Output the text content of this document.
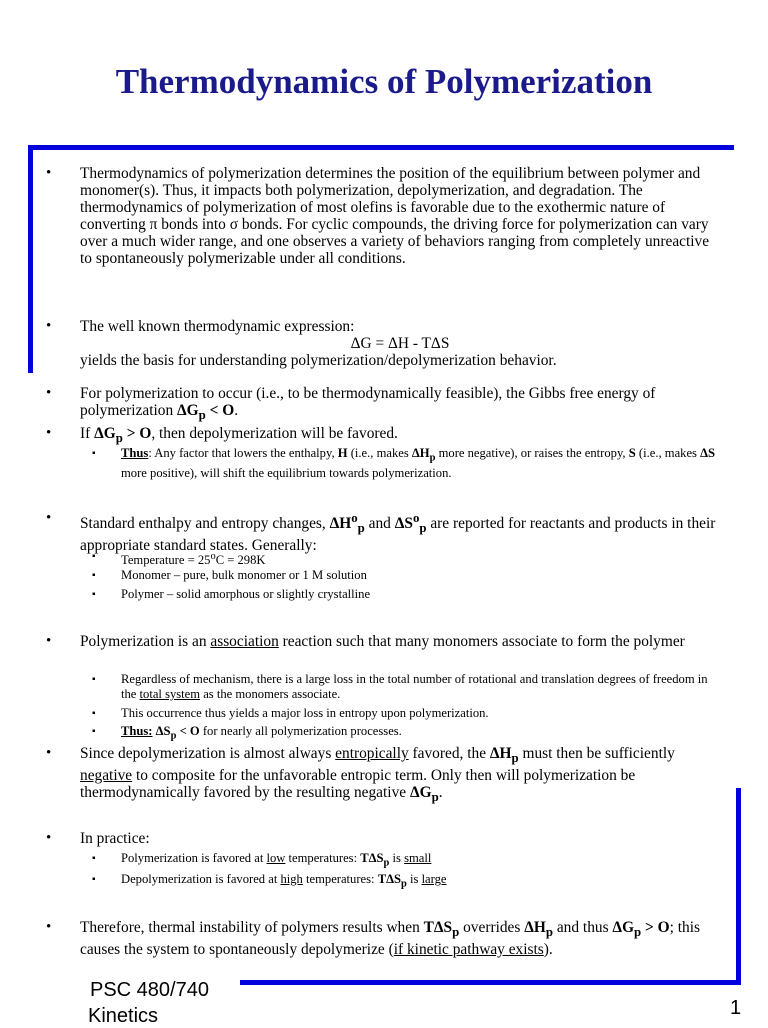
Thermodynamics of Polymerization
• Thermodynamics of polymerization determines the position of the equilibrium between polymer and monomer(s). Thus, it impacts both polymerization, depolymerization, and degradation. The thermodynamics of polymerization of most olefins is favorable due to the exothermic nature of converting π bonds into σ bonds. For cyclic compounds, the driving force for polymerization can vary over a much wider range, and one observes a variety of behaviors ranging from completely unreactive to spontaneously polymerizable under all conditions.
• The well known thermodynamic expression:
ΔG = ΔH - TΔS
yields the basis for understanding polymerization/depolymerization behavior.
• For polymerization to occur (i.e., to be thermodynamically feasible), the Gibbs free energy of polymerization $\Delta G_p < O$.
• If $\Delta G_p > O$, then depolymerization will be favored.
▪ Thus: Any factor that lowers the enthalpy, H (i.e., makes $\Delta H_p$ more negative), or raises the entropy, S (i.e., makes ΔS more positive), will shift the equilibrium towards polymerization.
• Standard enthalpy and entropy changes, $\Delta H^o_p$ and $\Delta S^o_p$ are reported for reactants and products in their appropriate standard states. Generally:
▪ Temperature = $25^oC = 298K$
▪ Monomer – pure, bulk monomer or 1 M solution
▪ Polymer – solid amorphous or slightly crystalline
• Polymerization is an association reaction such that many monomers associate to form the polymer
▪ Regardless of mechanism, there is a large loss in the total number of rotational and translation degrees of freedom in the total system as the monomers associate.
▪ This occurrence thus yields a major loss in entropy upon polymerization.
▪ Thus: $\Delta S_p < O$ for nearly all polymerization processes.
• Since depolymerization is almost always entropically favored, the $\Delta H_p$ must then be sufficiently negative to composite for the unfavorable entropic term. Only then will polymerization be thermodynamically favored by the resulting negative $\Delta G_p$.
• In practice:
▪ Polymerization is favored at low temperatures: $T\Delta S_p$ is small
▪ Depolymerization is favored at high temperatures: $T\Delta S_p$ is large
• Therefore, thermal instability of polymers results when $T\Delta S_p$ overrides $\Delta H_p$ and thus $\Delta G_p > O$; this causes the system to spontaneously depolymerize (if kinetic pathway exists).
PSC 480/740
Kinetics	1
